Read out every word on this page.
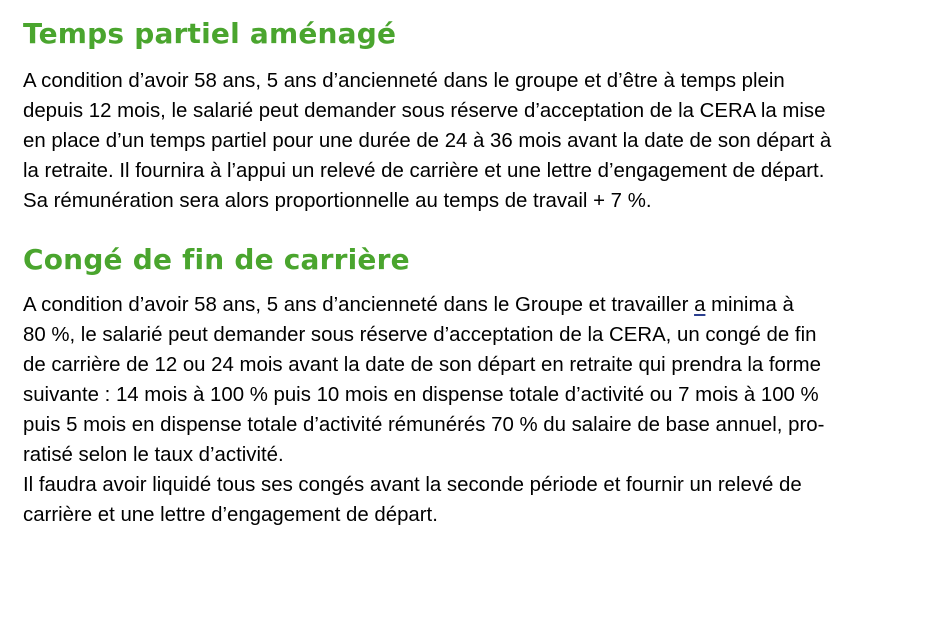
Temps partiel aménagé

A condition d’avoir 58 ans, 5 ans d’ancienneté dans le groupe et d’être à temps plein
depuis 12 mois, le salarié peut demander sous réserve d’acceptation de la CERA la mise
en place d’un temps partiel pour une durée de 24 à 36 mois avant la date de son départ à
la retraite. Il fournira à l’appui un relevé de carrière et une lettre d’engagement de départ.
Sa rémunération sera alors proportionnelle au temps de travail + 7 %.

Congé de fin de carrière

A condition d’avoir 58 ans, 5 ans d’ancienneté dans le Groupe et travailler a minima à
80 %, le salarié peut demander sous réserve d’acceptation de la CERA, un congé de fin
de carrière de 12 ou 24 mois avant la date de son départ en retraite qui prendra la forme
suivante : 14 mois à 100 % puis 10 mois en dispense totale d’activité ou 7 mois à 100 %
puis 5 mois en dispense totale d’activité rémunérés 70 % du salaire de base annuel, pro-
ratisé selon le taux d’activité.
Il faudra avoir liquidé tous ses congés avant la seconde période et fournir un relevé de
carrière et une lettre d’engagement de départ.
